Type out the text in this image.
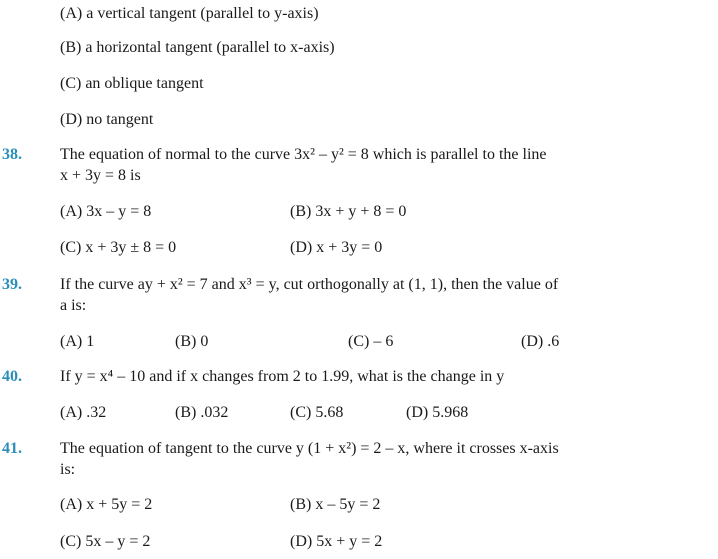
(A) a vertical tangent (parallel to y-axis)
(B) a horizontal tangent (parallel to x-axis)
(C) an oblique tangent
(D) no tangent
38. The equation of normal to the curve 3x² – y² = 8 which is parallel to the line
x + 3y = 8 is
(A) 3x – y = 8	(B) 3x + y + 8 = 0
(C) x + 3y ± 8 = 0	(D) x + 3y = 0
39. If the curve ay + x² = 7 and x³ = y, cut orthogonally at (1, 1), then the value of
a is:
(A) 1	(B) 0	(C) – 6	(D) .6
40. If y = x⁴ – 10 and if x changes from 2 to 1.99, what is the change in y
(A) .32	(B) .032	(C) 5.68	(D) 5.968
41. The equation of tangent to the curve y (1 + x²) = 2 – x, where it crosses x-axis
is:
(A) x + 5y = 2	(B) x – 5y = 2
(C) 5x – y = 2	(D) 5x + y = 2
